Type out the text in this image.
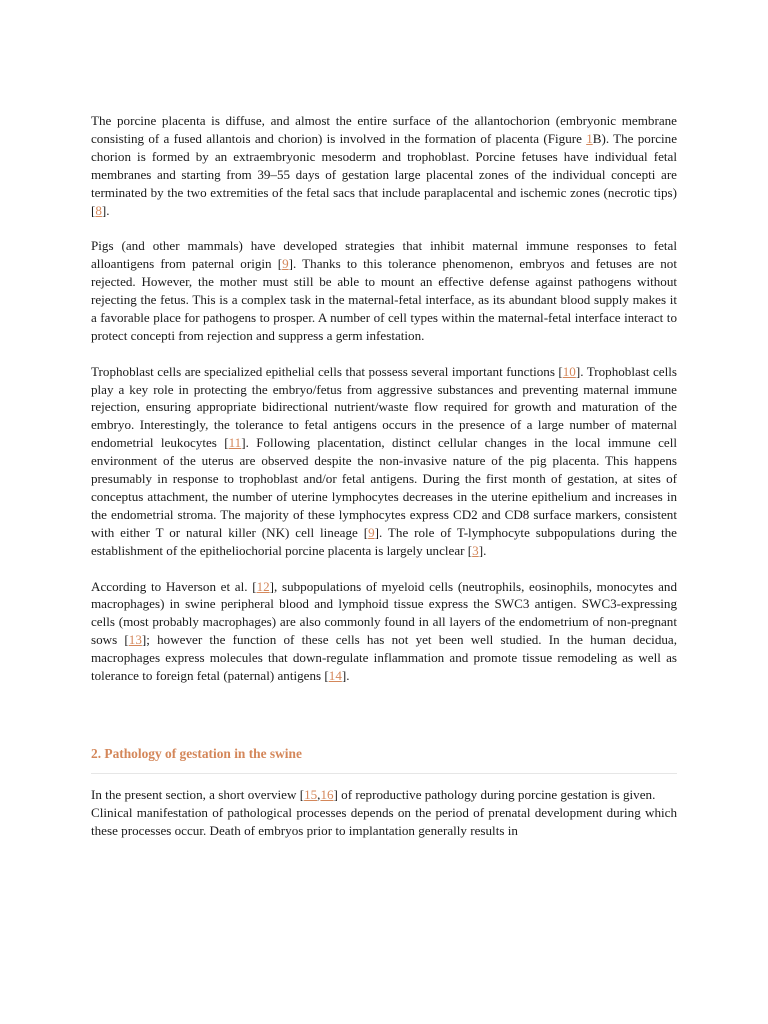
The porcine placenta is diffuse, and almost the entire surface of the allantochorion (embryonic membrane consisting of a fused allantois and chorion) is involved in the formation of placenta (Figure 1B). The porcine chorion is formed by an extraembryonic mesoderm and trophoblast. Porcine fetuses have individual fetal membranes and starting from 39–55 days of gestation large placental zones of the individual concepti are terminated by the two extremities of the fetal sacs that include paraplacental and ischemic zones (necrotic tips) [8].

Pigs (and other mammals) have developed strategies that inhibit maternal immune responses to fetal alloantigens from paternal origin [9]. Thanks to this tolerance phenomenon, embryos and fetuses are not rejected. However, the mother must still be able to mount an effective defense against pathogens without rejecting the fetus. This is a complex task in the maternal-fetal interface, as its abundant blood supply makes it a favorable place for pathogens to prosper. A number of cell types within the maternal-fetal interface interact to protect concepti from rejection and suppress a germ infestation.

Trophoblast cells are specialized epithelial cells that possess several important functions [10]. Trophoblast cells play a key role in protecting the embryo/fetus from aggressive substances and preventing maternal immune rejection, ensuring appropriate bidirectional nutrient/waste flow required for growth and maturation of the embryo. Interestingly, the tolerance to fetal antigens occurs in the presence of a large number of maternal endometrial leukocytes [11]. Following placentation, distinct cellular changes in the local immune cell environment of the uterus are observed despite the non-invasive nature of the pig placenta. This happens presumably in response to trophoblast and/or fetal antigens. During the first month of gestation, at sites of conceptus attachment, the number of uterine lymphocytes decreases in the uterine epithelium and increases in the endometrial stroma. The majority of these lymphocytes express CD2 and CD8 surface markers, consistent with either T or natural killer (NK) cell lineage [9]. The role of T-lymphocyte subpopulations during the establishment of the epitheliochorial porcine placenta is largely unclear [3].

According to Haverson et al. [12], subpopulations of myeloid cells (neutrophils, eosinophils, monocytes and macrophages) in swine peripheral blood and lymphoid tissue express the SWC3 antigen. SWC3-expressing cells (most probably macrophages) are also commonly found in all layers of the endometrium of non-pregnant sows [13]; however the function of these cells has not yet been well studied. In the human decidua, macrophages express molecules that down-regulate inflammation and promote tissue remodeling as well as tolerance to foreign fetal (paternal) antigens [14].

2. Pathology of gestation in the swine

In the present section, a short overview [15,16] of reproductive pathology during porcine gestation is given.

Clinical manifestation of pathological processes depends on the period of prenatal development during which these processes occur. Death of embryos prior to implantation generally results in
